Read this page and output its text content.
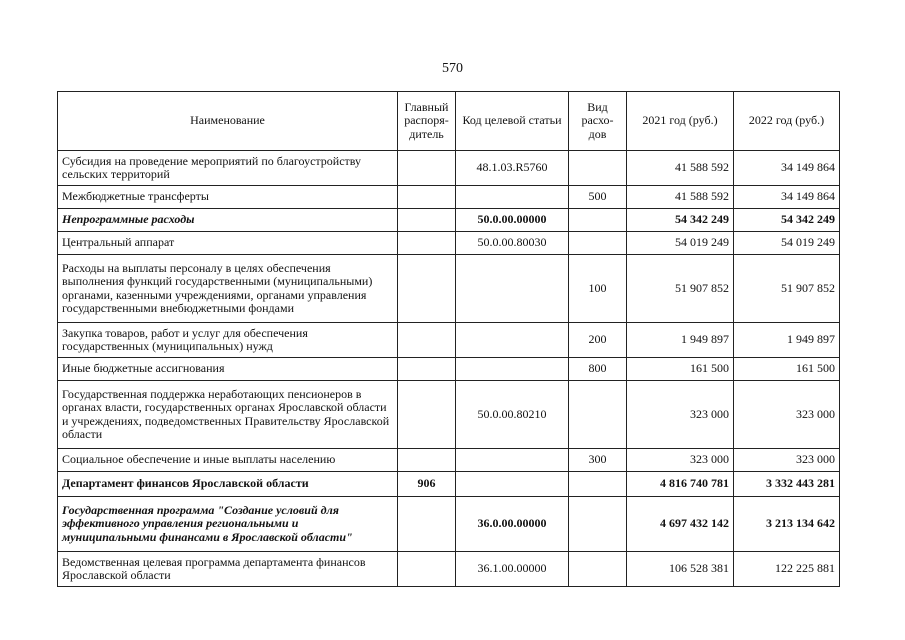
570
Наименование	Главный распоря-дитель	Код целевой статьи	Вид расхо-дов	2021 год (руб.)	2022 год (руб.)
Субсидия на проведение мероприятий по благоустройству сельских территорий		48.1.03.R5760		41 588 592	34 149 864
Межбюджетные трансферты			500	41 588 592	34 149 864
Непрограммные расходы		50.0.00.00000		54 342 249	54 342 249
Центральный аппарат		50.0.00.80030		54 019 249	54 019 249
Расходы на выплаты персоналу в целях обеспечения выполнения функций государственными (муниципальными) органами, казенными учреждениями, органами управления государственными внебюджетными фондами			100	51 907 852	51 907 852
Закупка товаров, работ и услуг для обеспечения государственных (муниципальных) нужд			200	1 949 897	1 949 897
Иные бюджетные ассигнования			800	161 500	161 500
Государственная поддержка неработающих пенсионеров в органах власти, государственных органах Ярославской области и учреждениях, подведомственных Правительству Ярославской области		50.0.00.80210		323 000	323 000
Социальное обеспечение и иные выплаты населению			300	323 000	323 000
Департамент финансов Ярославской области	906			4 816 740 781	3 332 443 281
Государственная программа "Создание условий для эффективного управления региональными и муниципальными финансами в Ярославской области"		36.0.00.00000		4 697 432 142	3 213 134 642
Ведомственная целевая программа департамента финансов Ярославской области		36.1.00.00000		106 528 381	122 225 881
